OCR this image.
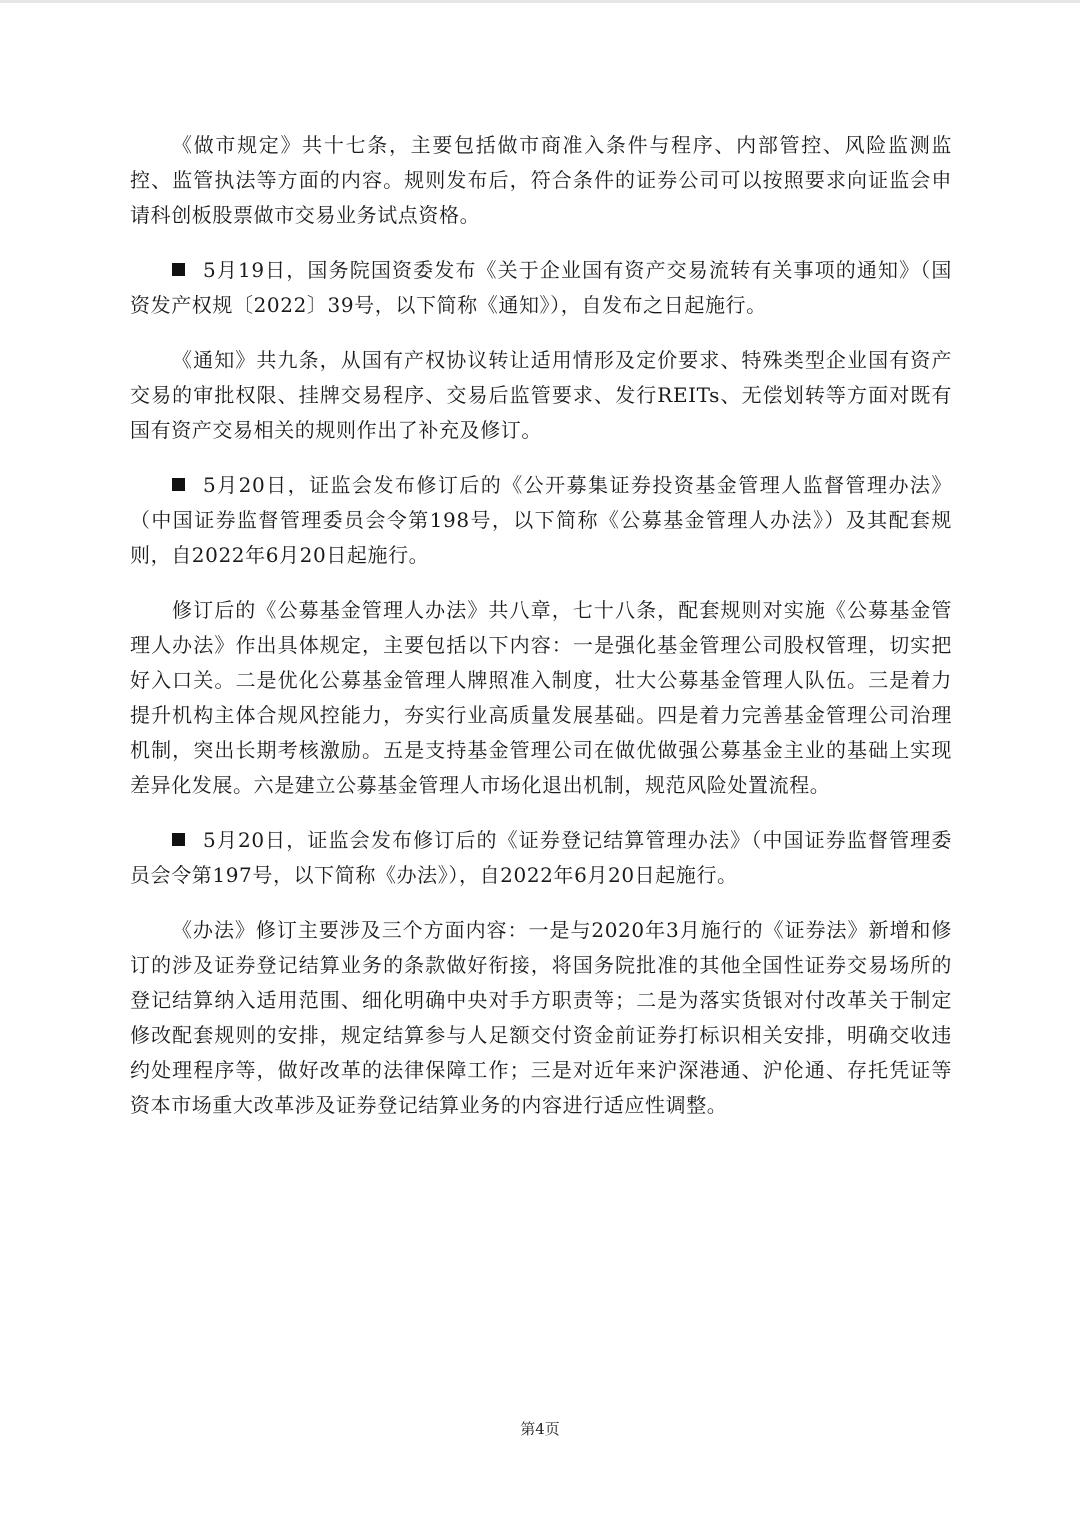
《做市规定》共十七条，主要包括做市商准入条件与程序、内部管控、风险监测监控、监管执法等方面的内容。规则发布后，符合条件的证券公司可以按照要求向证监会申请科创板股票做市交易业务试点资格。

5月19日，国务院国资委发布《关于企业国有资产交易流转有关事项的通知》（国资发产权规〔2022〕39号，以下简称《通知》），自发布之日起施行。

《通知》共九条，从国有产权协议转让适用情形及定价要求、特殊类型企业国有资产交易的审批权限、挂牌交易程序、交易后监管要求、发行REITs、无偿划转等方面对既有国有资产交易相关的规则作出了补充及修订。

5月20日，证监会发布修订后的《公开募集证券投资基金管理人监督管理办法》（中国证券监督管理委员会令第198号，以下简称《公募基金管理人办法》）及其配套规则，自2022年6月20日起施行。

修订后的《公募基金管理人办法》共八章，七十八条，配套规则对实施《公募基金管理人办法》作出具体规定，主要包括以下内容：一是强化基金管理公司股权管理，切实把好入口关。二是优化公募基金管理人牌照准入制度，壮大公募基金管理人队伍。三是着力提升机构主体合规风控能力，夯实行业高质量发展基础。四是着力完善基金管理公司治理机制，突出长期考核激励。五是支持基金管理公司在做优做强公募基金主业的基础上实现差异化发展。六是建立公募基金管理人市场化退出机制，规范风险处置流程。

5月20日，证监会发布修订后的《证券登记结算管理办法》（中国证券监督管理委员会令第197号，以下简称《办法》），自2022年6月20日起施行。

《办法》修订主要涉及三个方面内容：一是与2020年3月施行的《证券法》新增和修订的涉及证券登记结算业务的条款做好衔接，将国务院批准的其他全国性证券交易场所的登记结算纳入适用范围、细化明确中央对手方职责等；二是为落实货银对付改革关于制定修改配套规则的安排，规定结算参与人足额交付资金前证券打标识相关安排，明确交收违约处理程序等，做好改革的法律保障工作；三是对近年来沪深港通、沪伦通、存托凭证等资本市场重大改革涉及证券登记结算业务的内容进行适应性调整。

第4页
